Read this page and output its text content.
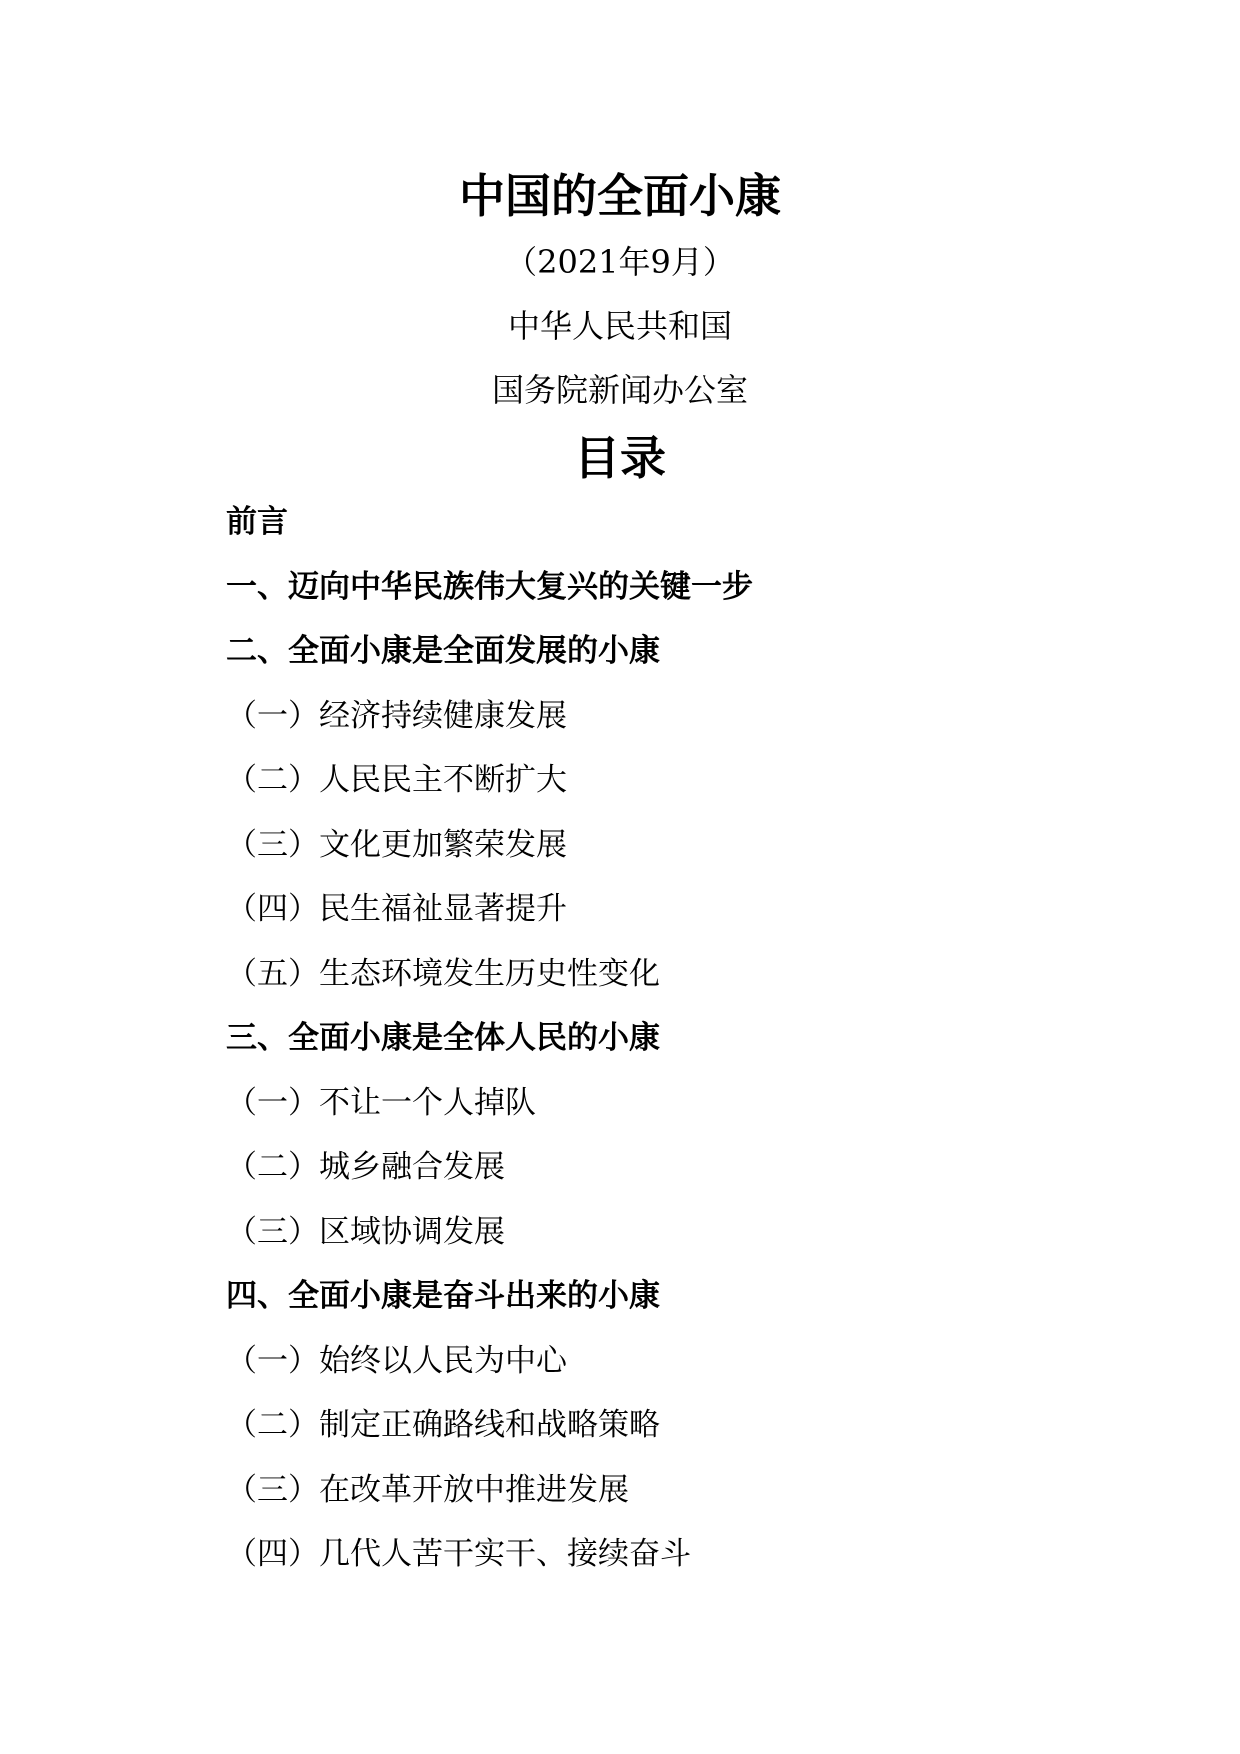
中国的全面小康
（2021年9月）
中华人民共和国
国务院新闻办公室
目录
前言
一、迈向中华民族伟大复兴的关键一步
二、全面小康是全面发展的小康
（一）经济持续健康发展
（二）人民民主不断扩大
（三）文化更加繁荣发展
（四）民生福祉显著提升
（五）生态环境发生历史性变化
三、全面小康是全体人民的小康
（一）不让一个人掉队
（二）城乡融合发展
（三）区域协调发展
四、全面小康是奋斗出来的小康
（一）始终以人民为中心
（二）制定正确路线和战略策略
（三）在改革开放中推进发展
（四）几代人苦干实干、接续奋斗
